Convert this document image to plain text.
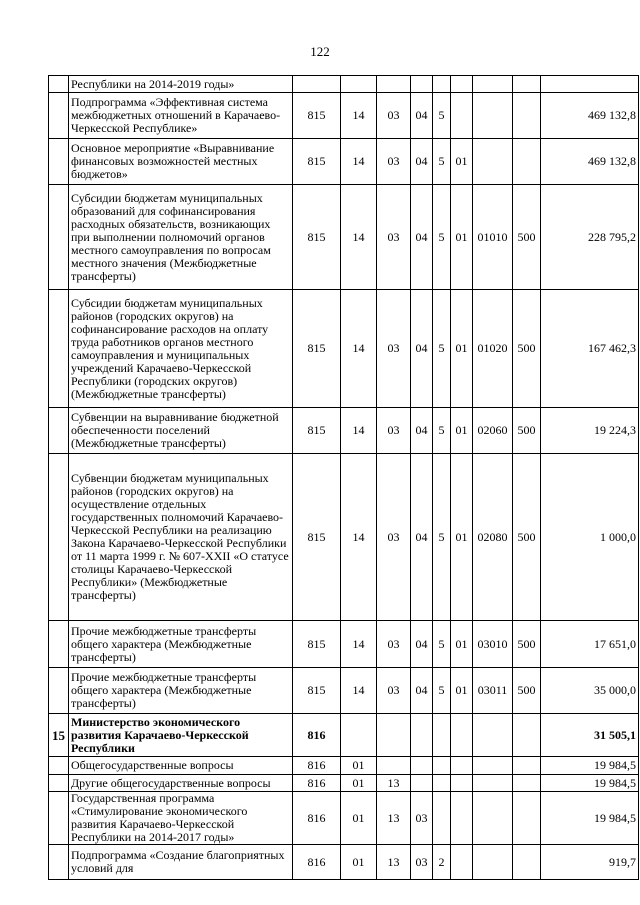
122
	Республики на 2014-2019 годы»									
	Подпрограмма «Эффективная система межбюджетных отношений в Карачаево-Черкесской Республике»	815	14	03	04	5				469 132,8
	Основное мероприятие «Выравнивание финансовых возможностей местных бюджетов»	815	14	03	04	5	01			469 132,8
	Субсидии бюджетам муниципальных образований для софинансирования расходных обязательств, возникающих при выполнении полномочий органов местного самоуправления по вопросам местного значения (Межбюджетные трансферты)	815	14	03	04	5	01	01010	500	228 795,2
	Субсидии бюджетам муниципальных районов (городских округов) на софинансирование расходов на оплату труда работников органов местного самоуправления и муниципальных учреждений Карачаево-Черкесской Республики (городских округов) (Межбюджетные трансферты)	815	14	03	04	5	01	01020	500	167 462,3
	Субвенции на выравнивание бюджетной обеспеченности поселений (Межбюджетные трансферты)	815	14	03	04	5	01	02060	500	19 224,3
	Субвенции бюджетам муниципальных районов (городских округов) на осуществление отдельных государственных полномочий Карачаево-Черкесской Республики на реализацию Закона Карачаево-Черкесской Республики от 11 марта 1999 г. № 607-XXII «О статусе столицы Карачаево-Черкесской Республики» (Межбюджетные трансферты)	815	14	03	04	5	01	02080	500	1 000,0
	Прочие межбюджетные трансферты общего характера (Межбюджетные трансферты)	815	14	03	04	5	01	03010	500	17 651,0
	Прочие межбюджетные трансферты общего характера (Межбюджетные трансферты)	815	14	03	04	5	01	03011	500	35 000,0
15	Министерство экономического развития Карачаево-Черкесской Республики	816								31 505,1
	Общегосударственные вопросы	816	01							19 984,5
	Другие общегосударственные вопросы	816	01	13						19 984,5
	Государственная программа «Стимулирование экономического развития Карачаево-Черкесской Республики на 2014-2017 годы»	816	01	13	03					19 984,5
	Подпрограмма «Создание благоприятных условий для	816	01	13	03	2				919,7
